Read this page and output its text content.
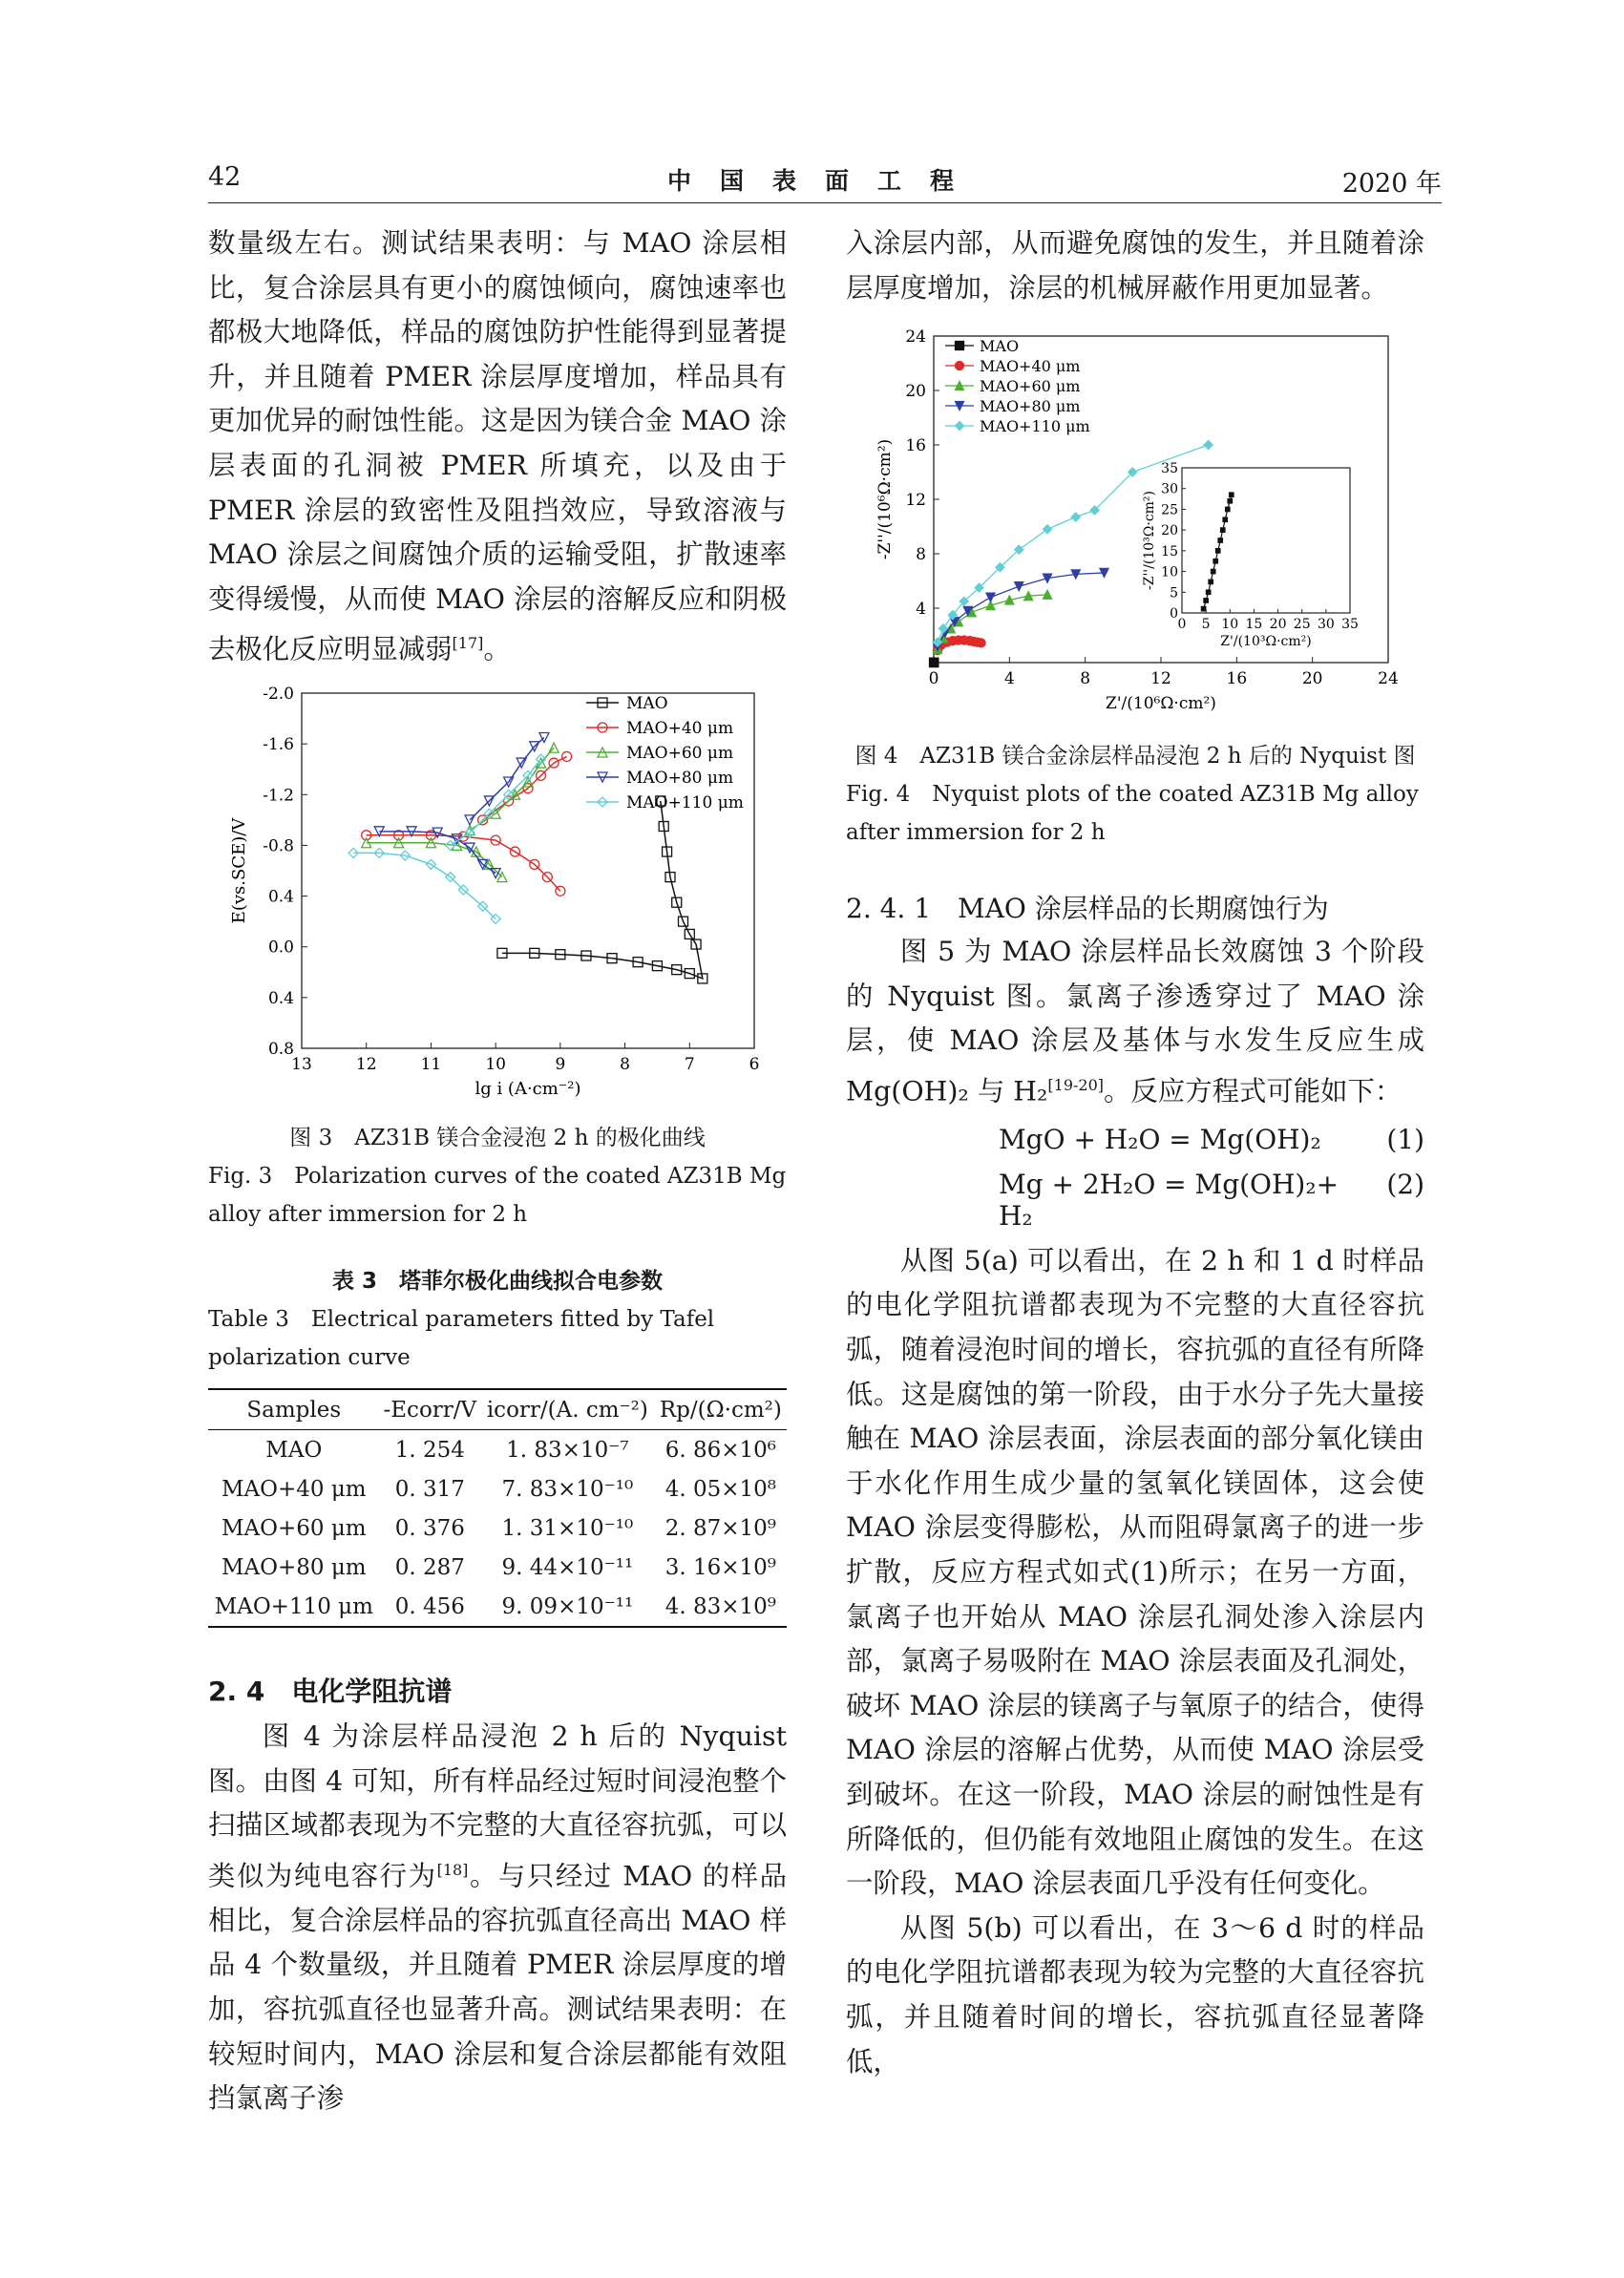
42	中国表面工程	2020 年

数量级左右。测试结果表明：与 MAO 涂层相比，复合涂层具有更小的腐蚀倾向，腐蚀速率也都极大地降低，样品的腐蚀防护性能得到显著提升，并且随着 PMER 涂层厚度增加，样品具有更加优异的耐蚀性能。这是因为镁合金 MAO 涂层表面的孔洞被 PMER 所填充，以及由于 PMER 涂层的致密性及阻挡效应，导致溶液与 MAO 涂层之间腐蚀介质的运输受阻，扩散速率变得缓慢，从而使 MAO 涂层的溶解反应和阴极去极化反应明显减弱[17]。

13	12	11	10	9	8	7	6
0.8
0.4
0.0
0.4
-0.8
-1.2
-1.6
-2.0
lg i (A·cm⁻²)
E(vs.SCE)/V
MAO
MAO+40 μm
MAO+60 μm
MAO+80 μm
MAO+110 μm

图 3　AZ31B 镁合金浸泡 2 h 的极化曲线

Fig. 3　Polarization curves of the coated AZ31B Mg alloy after immersion for 2 h

表 3　塔菲尔极化曲线拟合电参数

Table 3　Electrical parameters fitted by Tafel polarization curve

Samples	-Ecorr/V	icorr/(A. cm⁻²)	Rp/(Ω·cm²)
MAO	1. 254	1. 83×10⁻⁷	6. 86×10⁶
MAO+40 μm	0. 317	7. 83×10⁻¹⁰	4. 05×10⁸
MAO+60 μm	0. 376	1. 31×10⁻¹⁰	2. 87×10⁹
MAO+80 μm	0. 287	9. 44×10⁻¹¹	3. 16×10⁹
MAO+110 μm	0. 456	9. 09×10⁻¹¹	4. 83×10⁹

2. 4　电化学阻抗谱

图 4 为涂层样品浸泡 2 h 后的 Nyquist 图。由图 4 可知，所有样品经过短时间浸泡整个扫描区域都表现为不完整的大直径容抗弧，可以类似为纯电容行为[18]。与只经过 MAO 的样品相比，复合涂层样品的容抗弧直径高出 MAO 样品 4 个数量级，并且随着 PMER 涂层厚度的增加，容抗弧直径也显著升高。测试结果表明：在较短时间内，MAO 涂层和复合涂层都能有效阻挡氯离子渗

入涂层内部，从而避免腐蚀的发生，并且随着涂层厚度增加，涂层的机械屏蔽作用更加显著。

0	4	8	12	16	20	24
4
8
12
16
20
24
Z'/(10⁶Ω·cm²)
-Z''/(10⁶Ω·cm²)
MAO
MAO+40 μm
MAO+60 μm
MAO+80 μm
MAO+110 μm
0 5 10 15 20 25 30 35
0
5
10
15
20
25
30
35
Z'/(10³Ω·cm²)
-Z''/(10³Ω·cm²)

图 4　AZ31B 镁合金涂层样品浸泡 2 h 后的 Nyquist 图

Fig. 4　Nyquist plots of the coated AZ31B Mg alloy after immersion for 2 h

2. 4. 1　MAO 涂层样品的长期腐蚀行为

图 5 为 MAO 涂层样品长效腐蚀 3 个阶段的 Nyquist 图。氯离子渗透穿过了 MAO 涂层，使 MAO 涂层及基体与水发生反应生成 Mg(OH)₂ 与 H₂[19-20]。反应方程式可能如下：

MgO + H₂O = Mg(OH)₂	(1)
Mg + 2H₂O = Mg(OH)₂+ H₂
(2)

从图 5(a) 可以看出，在 2 h 和 1 d 时样品的电化学阻抗谱都表现为不完整的大直径容抗弧，随着浸泡时间的增长，容抗弧的直径有所降低。这是腐蚀的第一阶段，由于水分子先大量接触在 MAO 涂层表面，涂层表面的部分氧化镁由于水化作用生成少量的氢氧化镁固体，这会使 MAO 涂层变得膨松，从而阻碍氯离子的进一步扩散，反应方程式如式(1)所示；在另一方面，氯离子也开始从 MAO 涂层孔洞处渗入涂层内部，氯离子易吸附在 MAO 涂层表面及孔洞处，破坏 MAO 涂层的镁离子与氧原子的结合，使得 MAO 涂层的溶解占优势，从而使 MAO 涂层受到破坏。在这一阶段，MAO 涂层的耐蚀性是有所降低的，但仍能有效地阻止腐蚀的发生。在这一阶段，MAO 涂层表面几乎没有任何变化。

从图 5(b) 可以看出，在 3～6 d 时的样品的电化学阻抗谱都表现为较为完整的大直径容抗弧，并且随着时间的增长，容抗弧直径显著降低，
